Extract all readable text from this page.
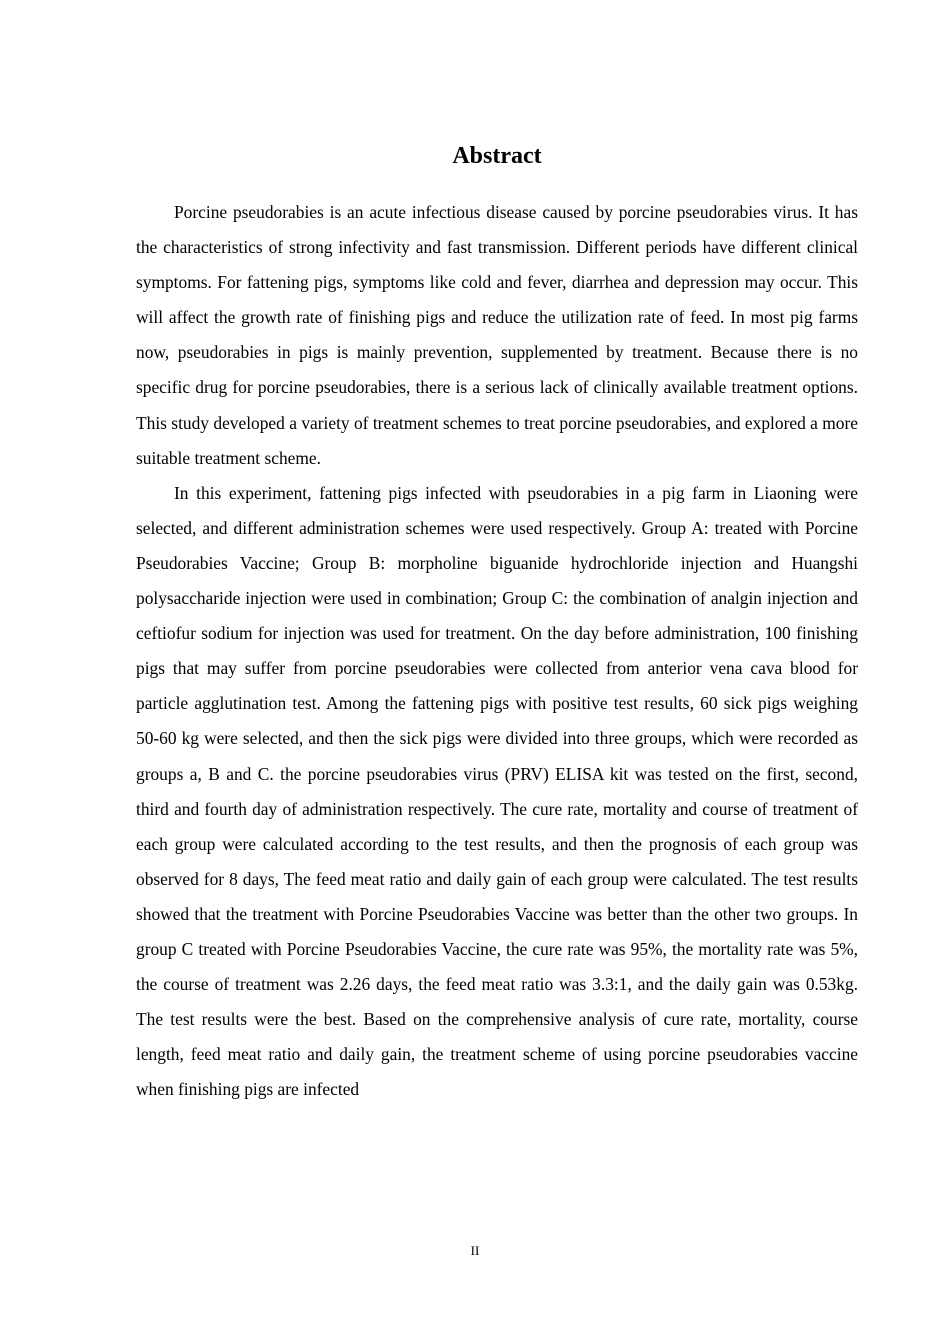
Abstract

Porcine pseudorabies is an acute infectious disease caused by porcine pseudorabies virus. It has the characteristics of strong infectivity and fast transmission. Different periods have different clinical symptoms. For fattening pigs, symptoms like cold and fever, diarrhea and depression may occur. This will affect the growth rate of finishing pigs and reduce the utilization rate of feed. In most pig farms now, pseudorabies in pigs is mainly prevention, supplemented by treatment. Because there is no specific drug for porcine pseudorabies, there is a serious lack of clinically available treatment options. This study developed a variety of treatment schemes to treat porcine pseudorabies, and explored a more suitable treatment scheme.

In this experiment, fattening pigs infected with pseudorabies in a pig farm in Liaoning were selected, and different administration schemes were used respectively. Group A: treated with Porcine Pseudorabies Vaccine; Group B: morpholine biguanide hydrochloride injection and Huangshi polysaccharide injection were used in combination; Group C: the combination of analgin injection and ceftiofur sodium for injection was used for treatment. On the day before administration, 100 finishing pigs that may suffer from porcine pseudorabies were collected from anterior vena cava blood for particle agglutination test. Among the fattening pigs with positive test results, 60 sick pigs weighing 50-60 kg were selected, and then the sick pigs were divided into three groups, which were recorded as groups a, B and C. the porcine pseudorabies virus (PRV) ELISA kit was tested on the first, second, third and fourth day of administration respectively. The cure rate, mortality and course of treatment of each group were calculated according to the test results, and then the prognosis of each group was observed for 8 days, The feed meat ratio and daily gain of each group were calculated. The test results showed that the treatment with Porcine Pseudorabies Vaccine was better than the other two groups. In group C treated with Porcine Pseudorabies Vaccine, the cure rate was 95%, the mortality rate was 5%, the course of treatment was 2.26 days, the feed meat ratio was 3.3:1, and the daily gain was 0.53kg. The test results were the best. Based on the comprehensive analysis of cure rate, mortality, course length, feed meat ratio and daily gain, the treatment scheme of using porcine pseudorabies vaccine when finishing pigs are infected

II
